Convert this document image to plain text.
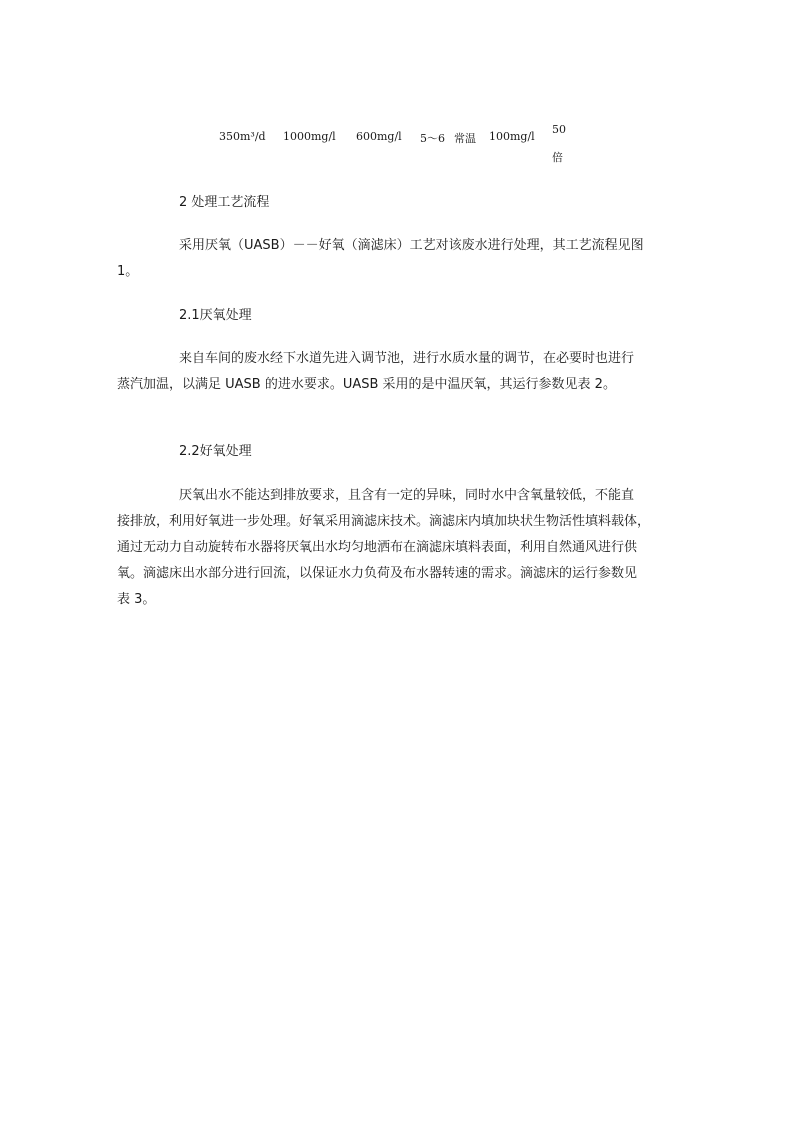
350m³/d 1000mg/l 600mg/l 5～6 常温 100mg/l
50
倍
2 处理工艺流程
采用厌氧（UASB）－－好氧（滴滤床）工艺对该废水进行处理，其工艺流程见图
1。
2.1厌氧处理
来自车间的废水经下水道先进入调节池，进行水质水量的调节，在必要时也进行
蒸汽加温，以满足 UASB 的进水要求。UASB 采用的是中温厌氧，其运行参数见表 2。
2.2好氧处理
厌氧出水不能达到排放要求，且含有一定的异味，同时水中含氧量较低，不能直
接排放，利用好氧进一步处理。好氧采用滴滤床技术。滴滤床内填加块状生物活性填料载体，
通过无动力自动旋转布水器将厌氧出水均匀地洒布在滴滤床填料表面，利用自然通风进行供
氧。滴滤床出水部分进行回流，以保证水力负荷及布水器转速的需求。滴滤床的运行参数见
表 3。
